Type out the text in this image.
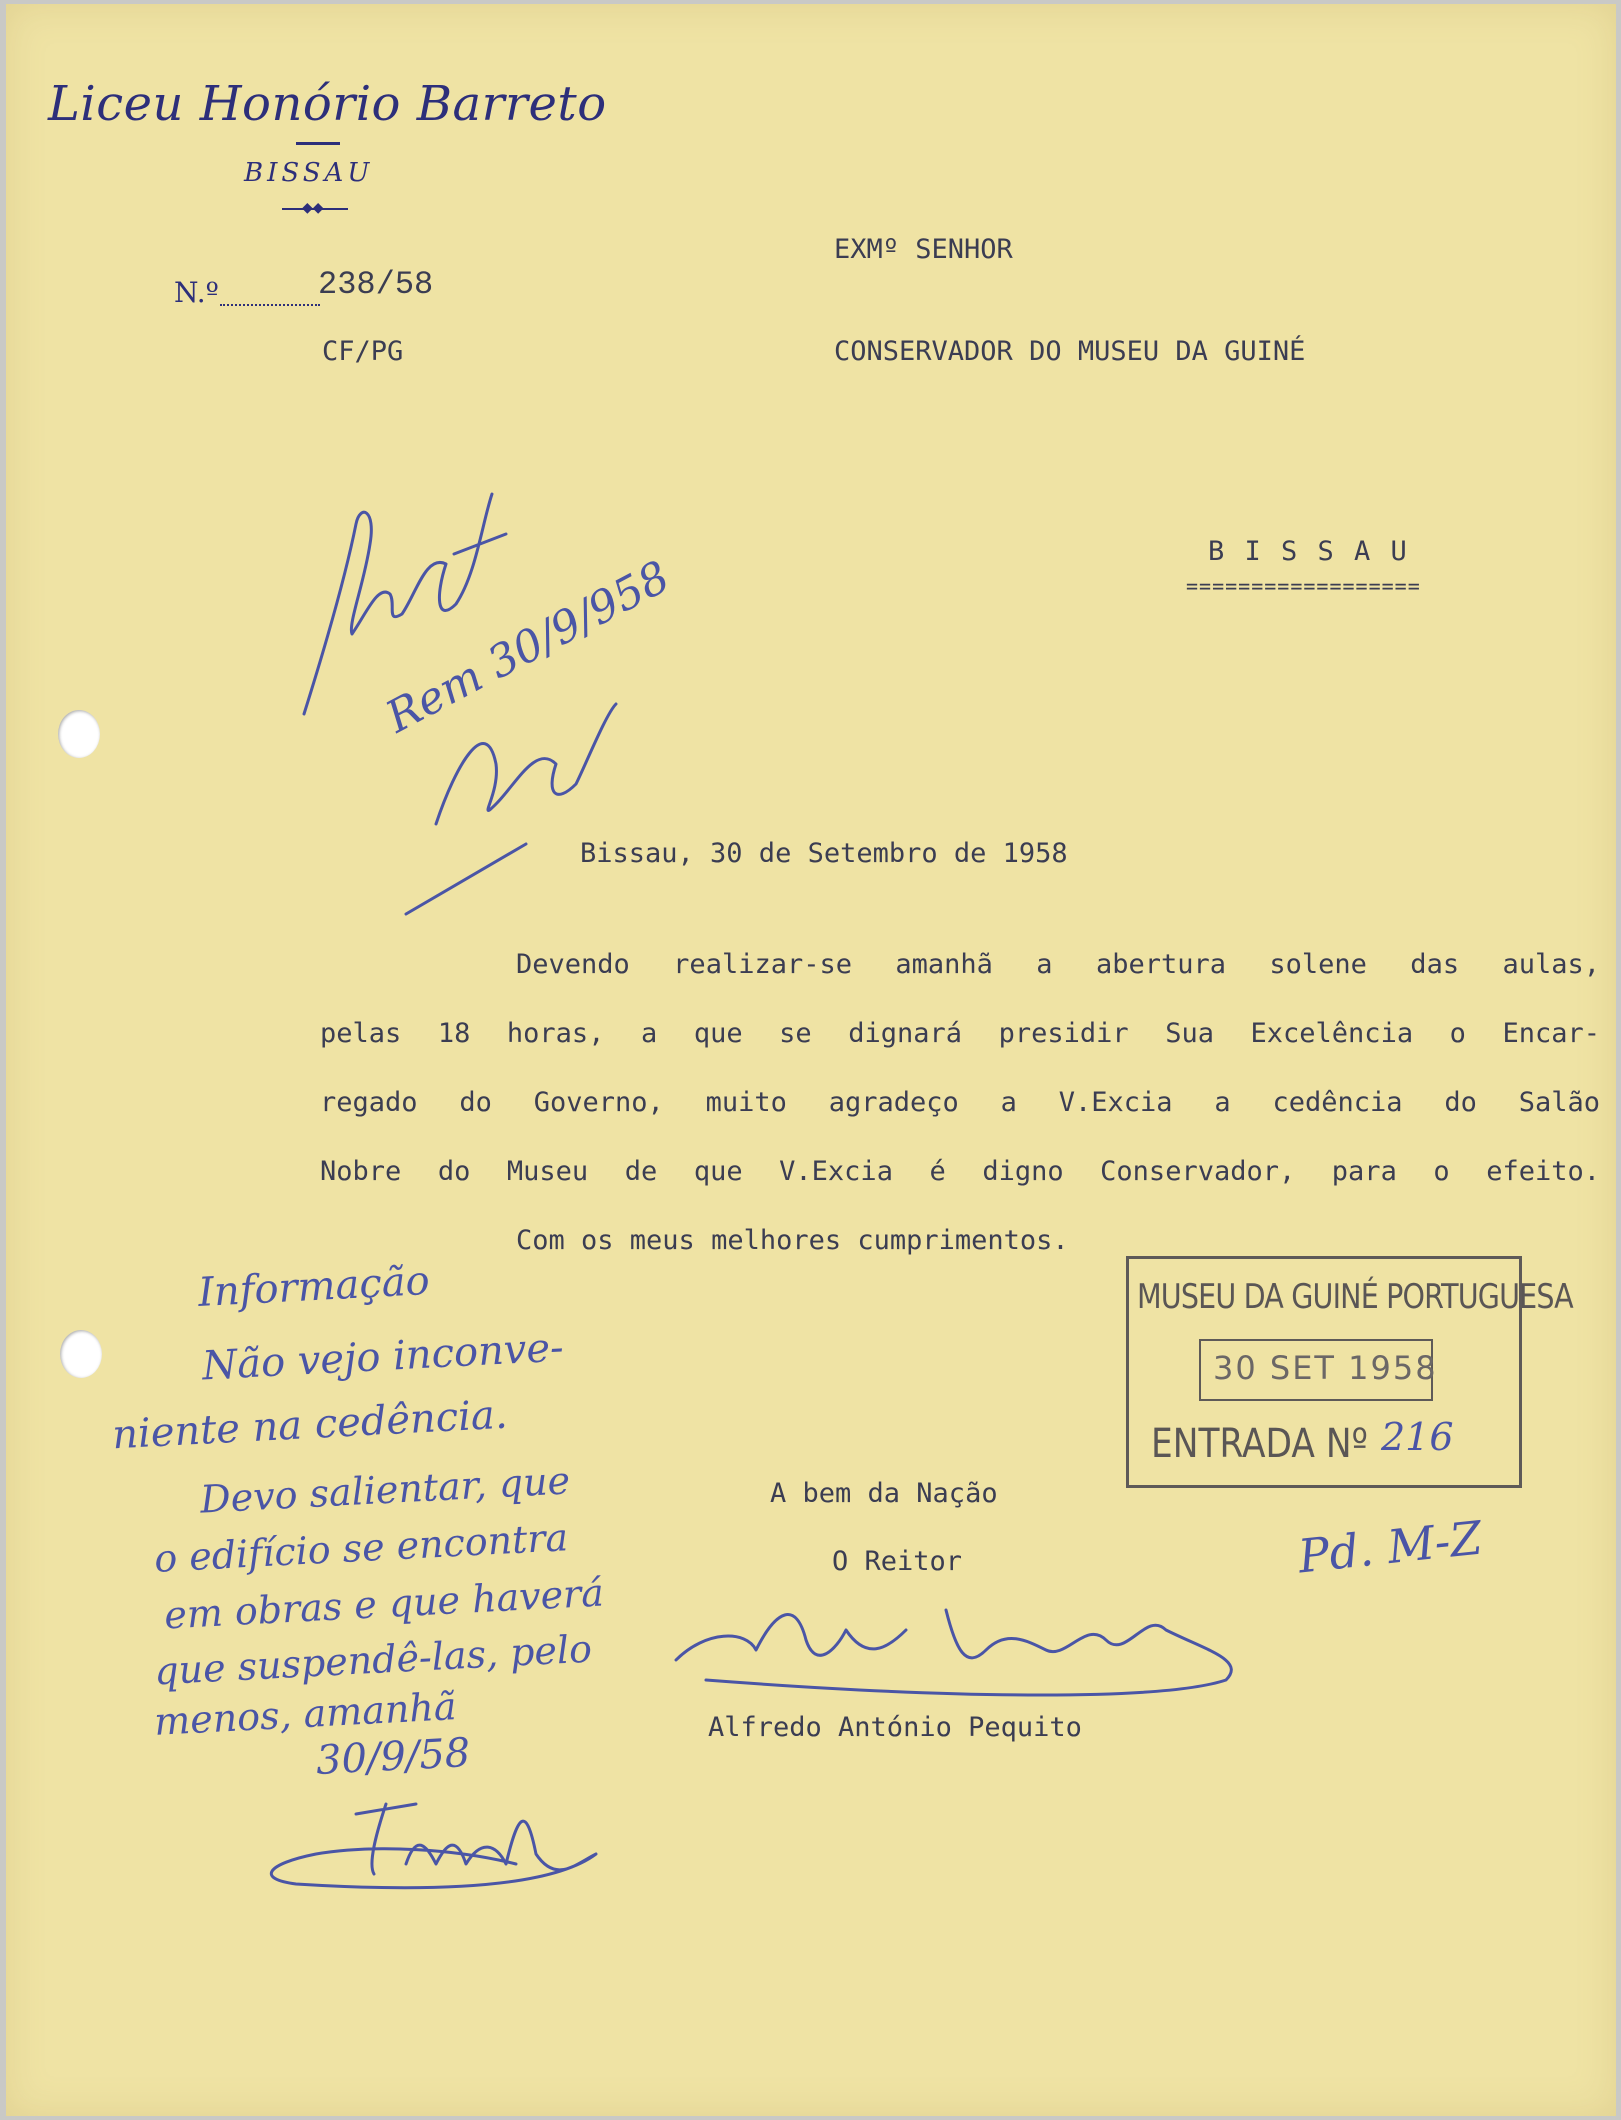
Liceu Honório Barreto
BISSAU
◆◆
N.º	238/58
CF/PG
EXMº SENHOR
CONSERVADOR DO MUSEU DA GUINÉ
B I S S A U
==================
Rem 30/9/958
Bissau, 30 de Setembro de 1958

Devendo realizar-se amanhã a abertura solene das aulas,

pelas 18 horas, a que se dignará presidir Sua Excelência o Encar-

regado do Governo, muito agradeço a V.Excia a cedência do Salão

Nobre do Museu de que V.Excia é digno Conservador, para o efeito.

Com os meus melhores cumprimentos.

MUSEU DA GUINÉ PORTUGUESA
30 SET 1958
ENTRADA Nº 216
Pd. M-Z
A bem da Nação
O Reitor
Alfredo António Pequito
Informação
Não vejo inconve-
niente na cedência.
Devo salientar, que
o edifício se encontra
em obras e que haverá
que suspendê-las, pelo
menos, amanhã
30/9/58
